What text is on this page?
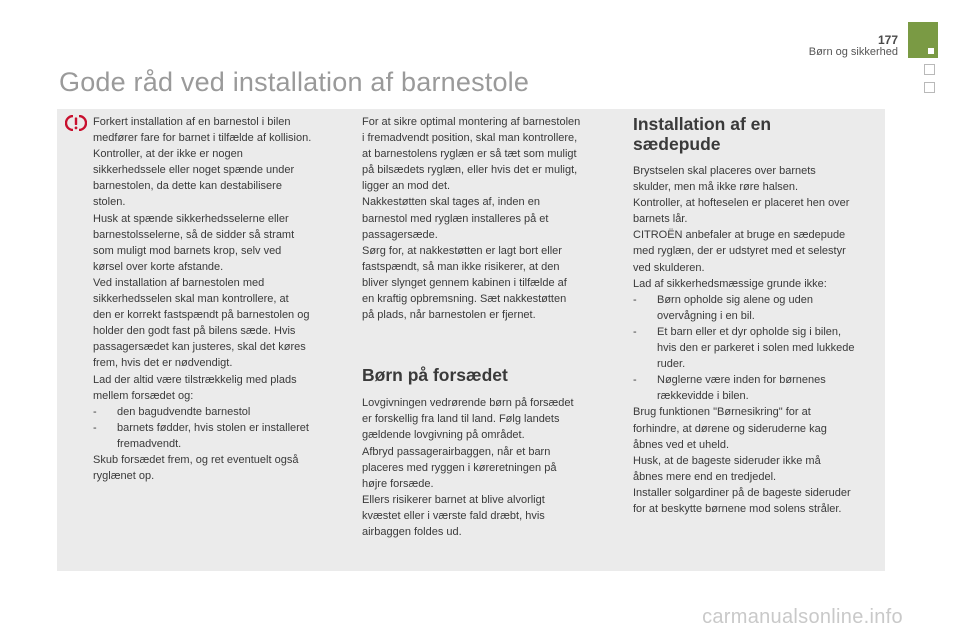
177
Børn og sikkerhed
Gode råd ved installation af barnestole

Forkert installation af en barnestol i bilen

medfører fare for barnet i tilfælde af kollision.

Kontroller, at der ikke er nogen

sikkerhedssele eller noget spænde under

barnestolen, da dette kan destabilisere

stolen.

Husk at spænde sikkerhedsselerne eller

barnestolsselerne, så de sidder så stramt

som muligt mod barnets krop, selv ved

kørsel over korte afstande.

Ved installation af barnestolen med

sikkerhedsselen skal man kontrollere, at

den er korrekt fastspændt på barnestolen og

holder den godt fast på bilens sæde. Hvis

passagersædet kan justeres, skal det køres

frem, hvis det er nødvendigt.

Lad der altid være tilstrækkelig med plads

mellem forsædet og:

- den bagudvendte barnestol
- barnets fødder, hvis stolen er installeret
fremadvendt.

Skub forsædet frem, og ret eventuelt også

ryglænet op.

For at sikre optimal montering af barnestolen

i fremadvendt position, skal man kontrollere,

at barnestolens ryglæn er så tæt som muligt

på bilsædets ryglæn, eller hvis det er muligt,

ligger an mod det.

Nakkestøtten skal tages af, inden en

barnestol med ryglæn installeres på et

passagersæde.

Sørg for, at nakkestøtten er lagt bort eller

fastspændt, så man ikke risikerer, at den

bliver slynget gennem kabinen i tilfælde af

en kraftig opbremsning. Sæt nakkestøtten

på plads, når barnestolen er fjernet.

Børn på forsædet

Lovgivningen vedrørende børn på forsædet

er forskellig fra land til land. Følg landets

gældende lovgivning på området.

Afbryd passagerairbaggen, når et barn

placeres med ryggen i køreretningen på

højre forsæde.

Ellers risikerer barnet at blive alvorligt

kvæstet eller i værste fald dræbt, hvis

airbaggen foldes ud.

Installation af en
sædepude

Brystselen skal placeres over barnets

skulder, men må ikke røre halsen.

Kontroller, at hofteselen er placeret hen over

barnets lår.

CITROËN anbefaler at bruge en sædepude

med ryglæn, der er udstyret med et selestyr

ved skulderen.

Lad af sikkerhedsmæssige grunde ikke:

- Børn opholde sig alene og uden
overvågning i en bil.
- Et barn eller et dyr opholde sig i bilen,
hvis den er parkeret i solen med lukkede
ruder.
- Nøglerne være inden for børnenes
rækkevidde i bilen.

Brug funktionen "Børnesikring" for at

forhindre, at dørene og sideruderne kag

åbnes ved et uheld.

Husk, at de bageste sideruder ikke må

åbnes mere end en tredjedel.

Installer solgardiner på de bageste sideruder

for at beskytte børnene mod solens stråler.

carmanualsonline.info
